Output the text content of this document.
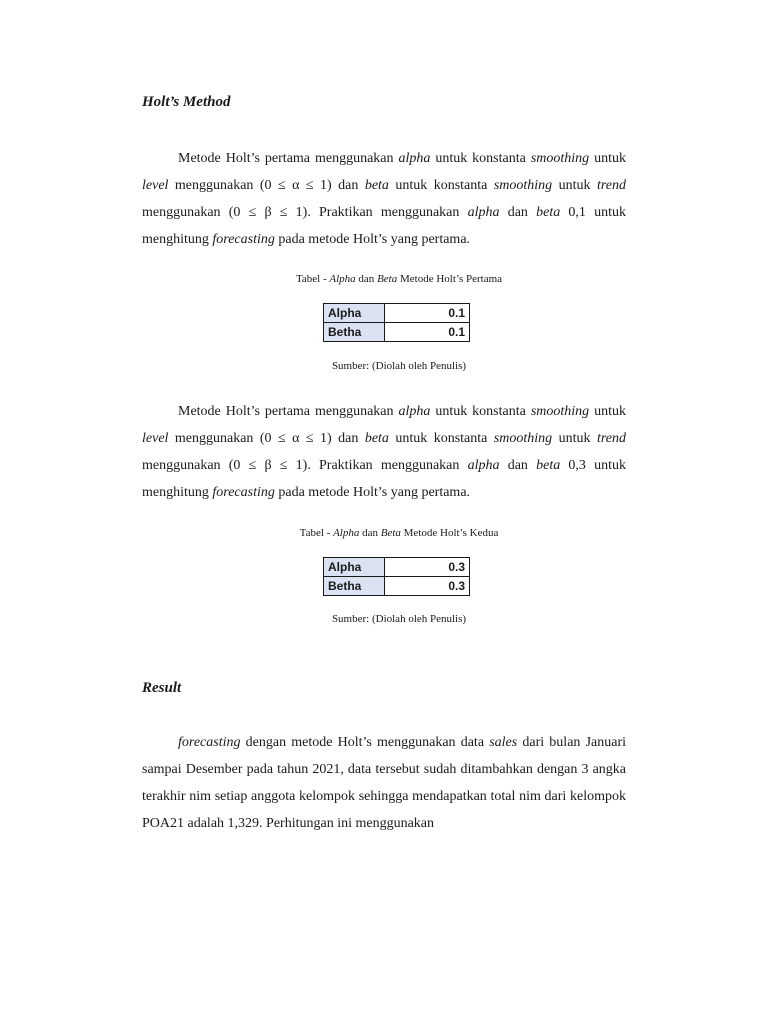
Holt’s Method

Metode Holt’s pertama menggunakan alpha untuk konstanta smoothing untuk level menggunakan (0 ≤ α ≤ 1) dan beta untuk konstanta smoothing untuk trend menggunakan (0 ≤ β ≤ 1). Praktikan menggunakan alpha dan beta 0,1 untuk menghitung forecasting pada metode Holt’s yang pertama.

Tabel - Alpha dan Beta Metode Holt’s Pertama

Alpha	0.1
Betha	0.1

Sumber: (Diolah oleh Penulis)

Metode Holt’s pertama menggunakan alpha untuk konstanta smoothing untuk level menggunakan (0 ≤ α ≤ 1) dan beta untuk konstanta smoothing untuk trend menggunakan (0 ≤ β ≤ 1). Praktikan menggunakan alpha dan beta 0,3 untuk menghitung forecasting pada metode Holt’s yang pertama.

Tabel - Alpha dan Beta Metode Holt’s Kedua

Alpha	0.3
Betha	0.3

Sumber: (Diolah oleh Penulis)

Result

forecasting dengan metode Holt’s menggunakan data sales dari bulan Januari sampai Desember pada tahun 2021, data tersebut sudah ditambahkan dengan 3 angka terakhir nim setiap anggota kelompok sehingga mendapatkan total nim dari kelompok POA21 adalah 1,329. Perhitungan ini menggunakan
